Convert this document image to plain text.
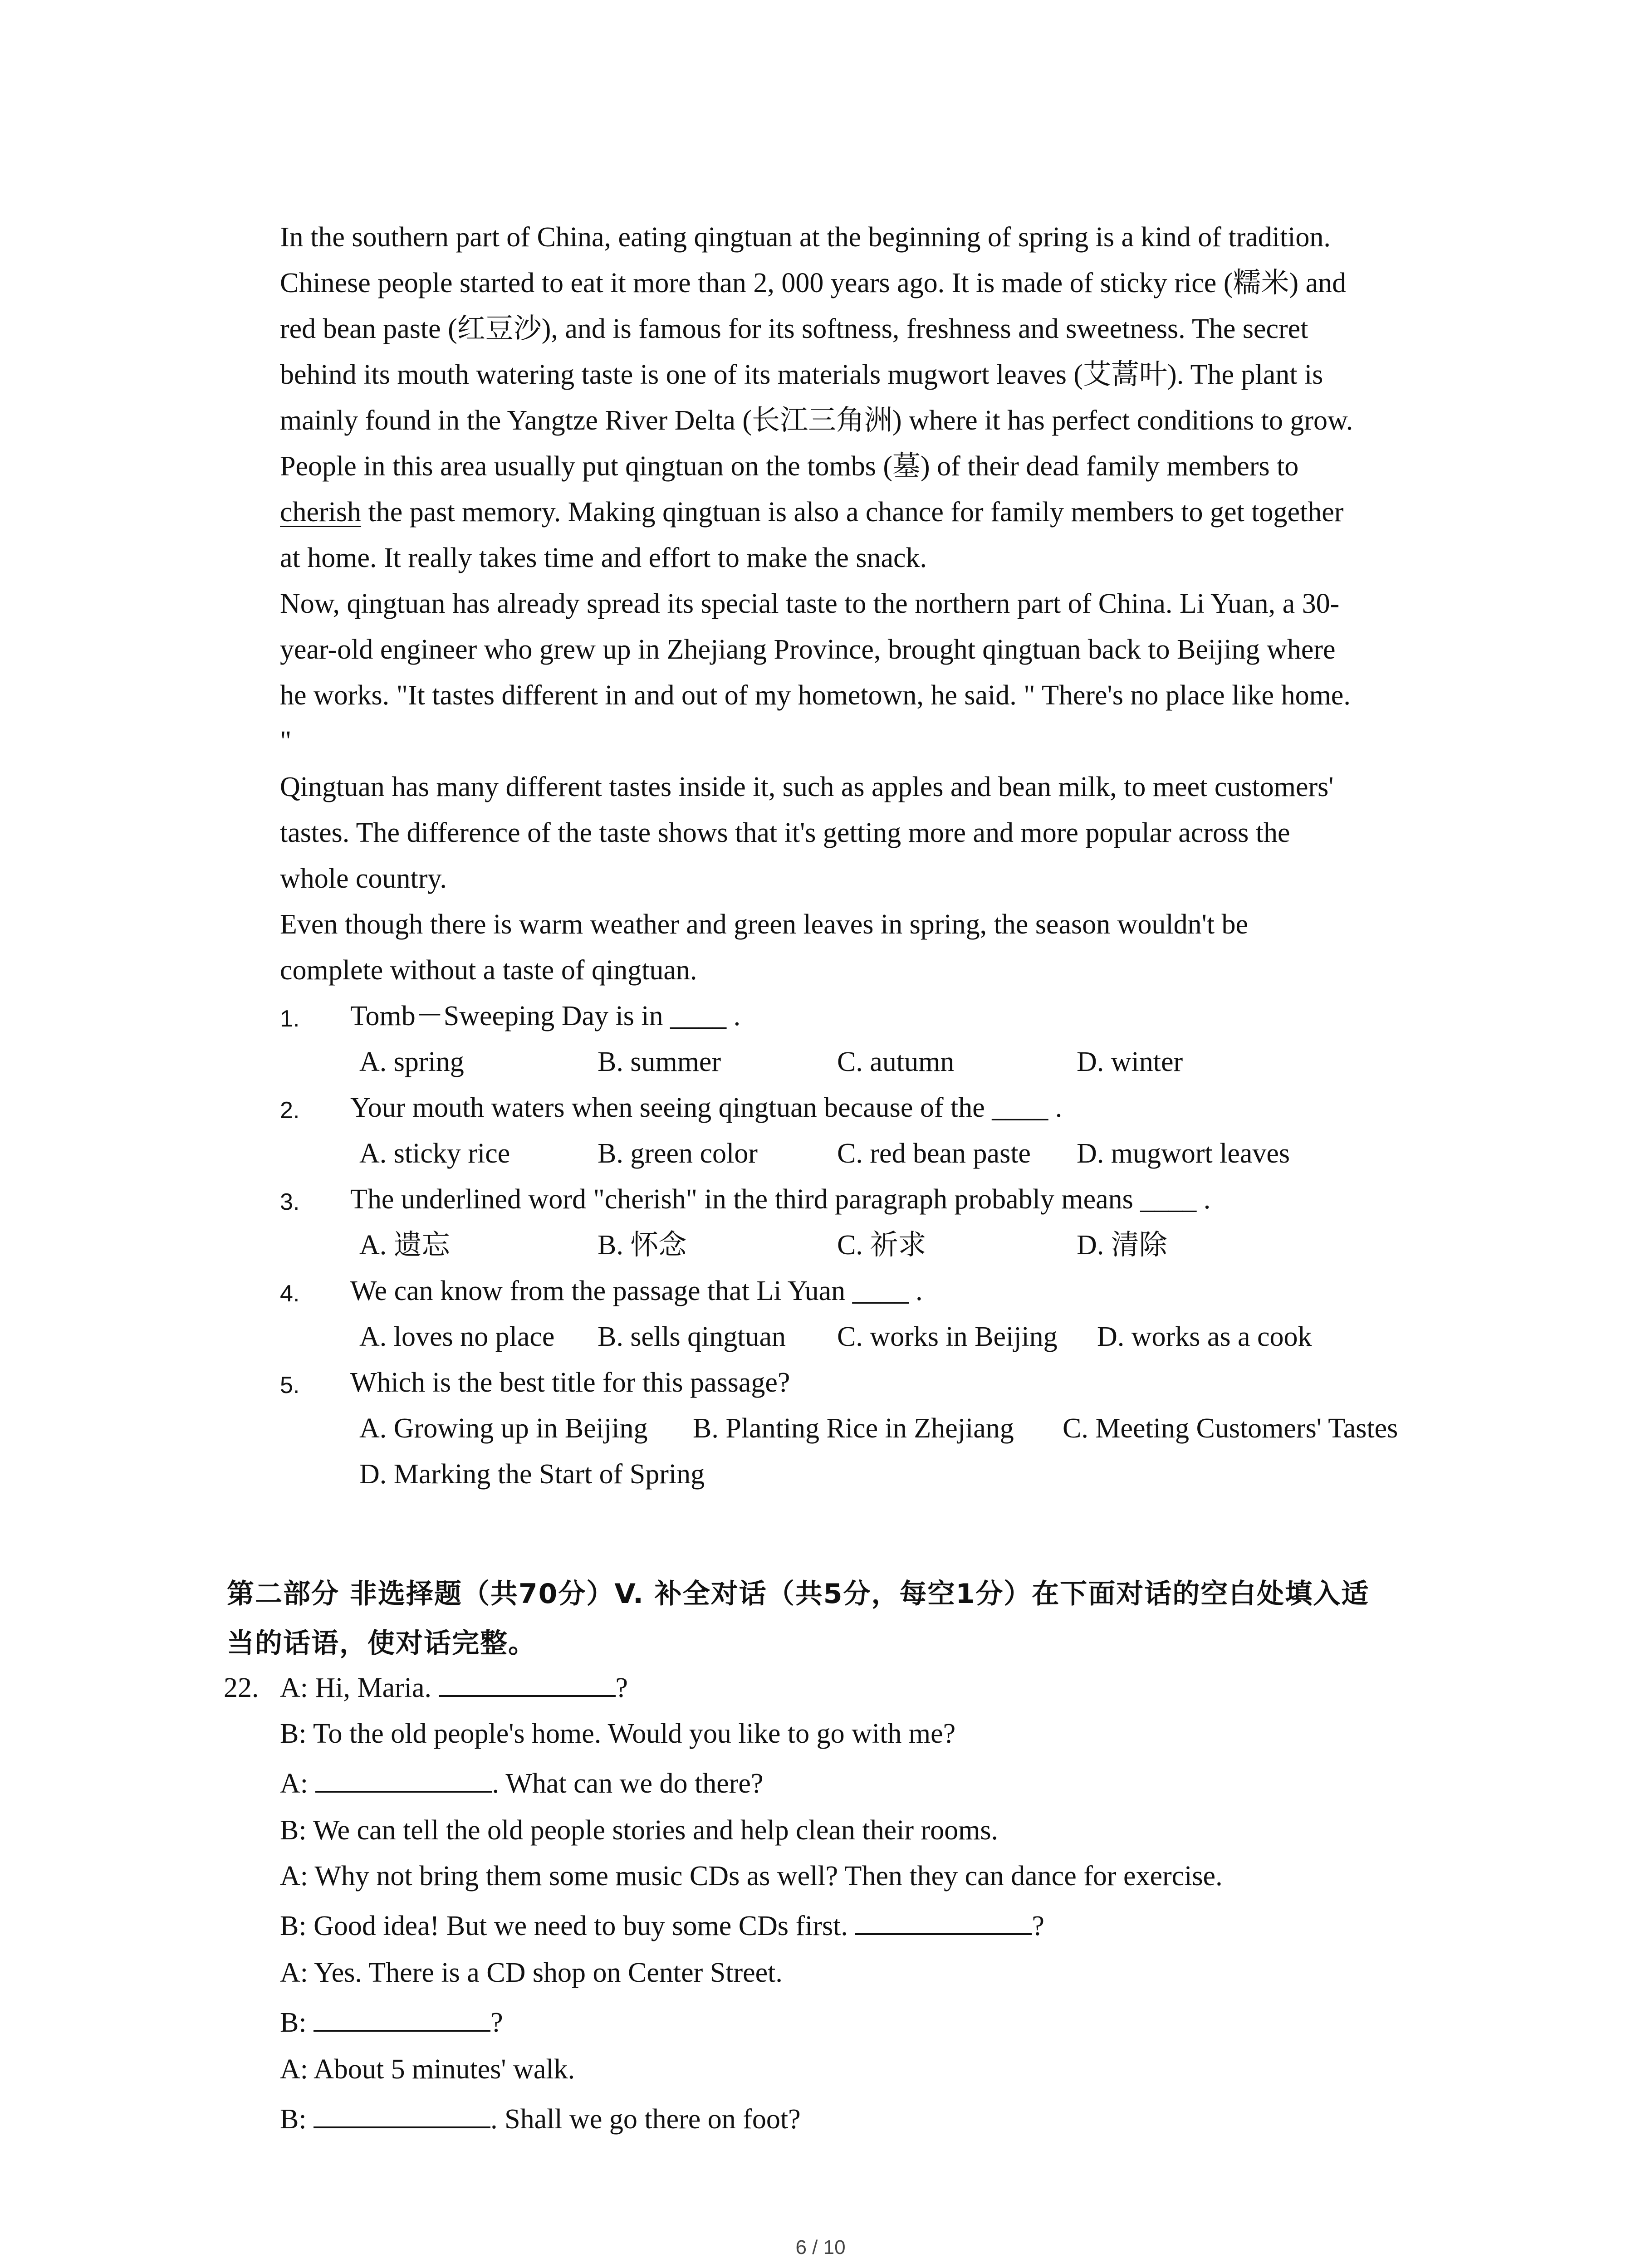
In the southern part of China, eating qingtuan at the beginning of spring is a kind of tradition.
Chinese people started to eat it more than 2, 000 years ago. It is made of sticky rice (糯米) and
red bean paste (红豆沙), and is famous for its softness, freshness and sweetness. The secret
behind its mouth watering taste is one of its materials mugwort leaves (艾蒿叶). The plant is
mainly found in the Yangtze River Delta (长江三角洲) where it has perfect conditions to grow.
People in this area usually put qingtuan on the tombs (墓) of their dead family members to
cherish the past memory. Making qingtuan is also a chance for family members to get together
at home. It really takes time and effort to make the snack.
Now, qingtuan has already spread its special taste to the northern part of China. Li Yuan, a 30-
year-old engineer who grew up in Zhejiang Province, brought qingtuan back to Beijing where
he works. "It tastes different in and out of my hometown, he said. " There's no place like home.
"
Qingtuan has many different tastes inside it, such as apples and bean milk, to meet customers'
tastes. The difference of the taste shows that it's getting more and more popular across the
whole country.
Even though there is warm weather and green leaves in spring, the season wouldn't be
complete without a taste of qingtuan.
1. Tomb－Sweeping Day is in ____ .
A. spring	B. summer	C. autumn	D. winter
2. Your mouth waters when seeing qingtuan because of the ____ .
A. sticky rice	B. green color	C. red bean paste D. mugwort leaves
3. The underlined word "cherish" in the third paragraph probably means ____ .
A. 遗忘	B. 怀念	C. 祈求	D. 清除
4. We can know from the passage that Li Yuan ____ .
A. loves no place B. sells qingtuan C. works in Beijing D. works as a cook
5. Which is the best title for this passage?
A. Growing up in Beijing B. Planting Rice in Zhejiang C. Meeting Customers' Tastes
D. Marking the Start of Spring
第二部分 非选择题（共70分）V. 补全对话（共5分，每空1分）在下面对话的空白处填入适
当的话语，使对话完整。
22. A: Hi, Maria.	?
B: To the old people's home. Would you like to go with me?
A:	. What can we do there?
B: We can tell the old people stories and help clean their rooms.
A: Why not bring them some music CDs as well? Then they can dance for exercise.
B: Good idea! But we need to buy some CDs first.	?
A: Yes. There is a CD shop on Center Street.
B:	?
A: About 5 minutes' walk.
B:	. Shall we go there on foot?
6 / 10
